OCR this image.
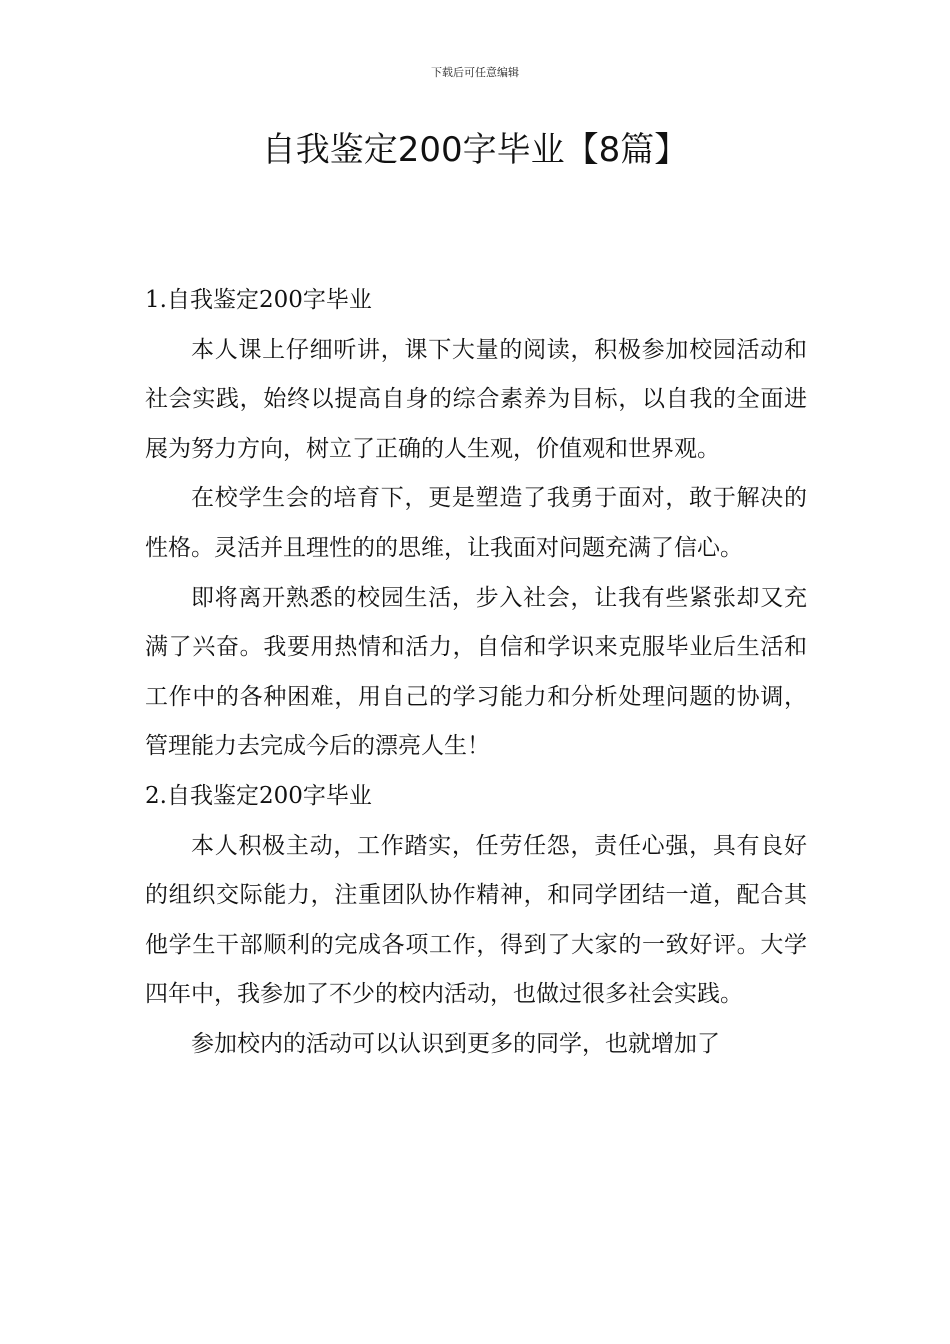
下载后可任意编辑
自我鉴定200字毕业【8篇】

1.自我鉴定200字毕业

本人课上仔细听讲，课下大量的阅读，积极参加校园活动和社会实践，始终以提高自身的综合素养为目标，以自我的全面进展为努力方向，树立了正确的人生观，价值观和世界观。

在校学生会的培育下，更是塑造了我勇于面对，敢于解决的性格。灵活并且理性的的思维，让我面对问题充满了信心。

即将离开熟悉的校园生活，步入社会，让我有些紧张却又充满了兴奋。我要用热情和活力，自信和学识来克服毕业后生活和工作中的各种困难，用自己的学习能力和分析处理问题的协调，管理能力去完成今后的漂亮人生！

2.自我鉴定200字毕业

本人积极主动，工作踏实，任劳任怨，责任心强，具有良好的组织交际能力，注重团队协作精神，和同学团结一道，配合其他学生干部顺利的完成各项工作，得到了大家的一致好评。大学四年中，我参加了不少的校内活动，也做过很多社会实践。

参加校内的活动可以认识到更多的同学，也就增加了
